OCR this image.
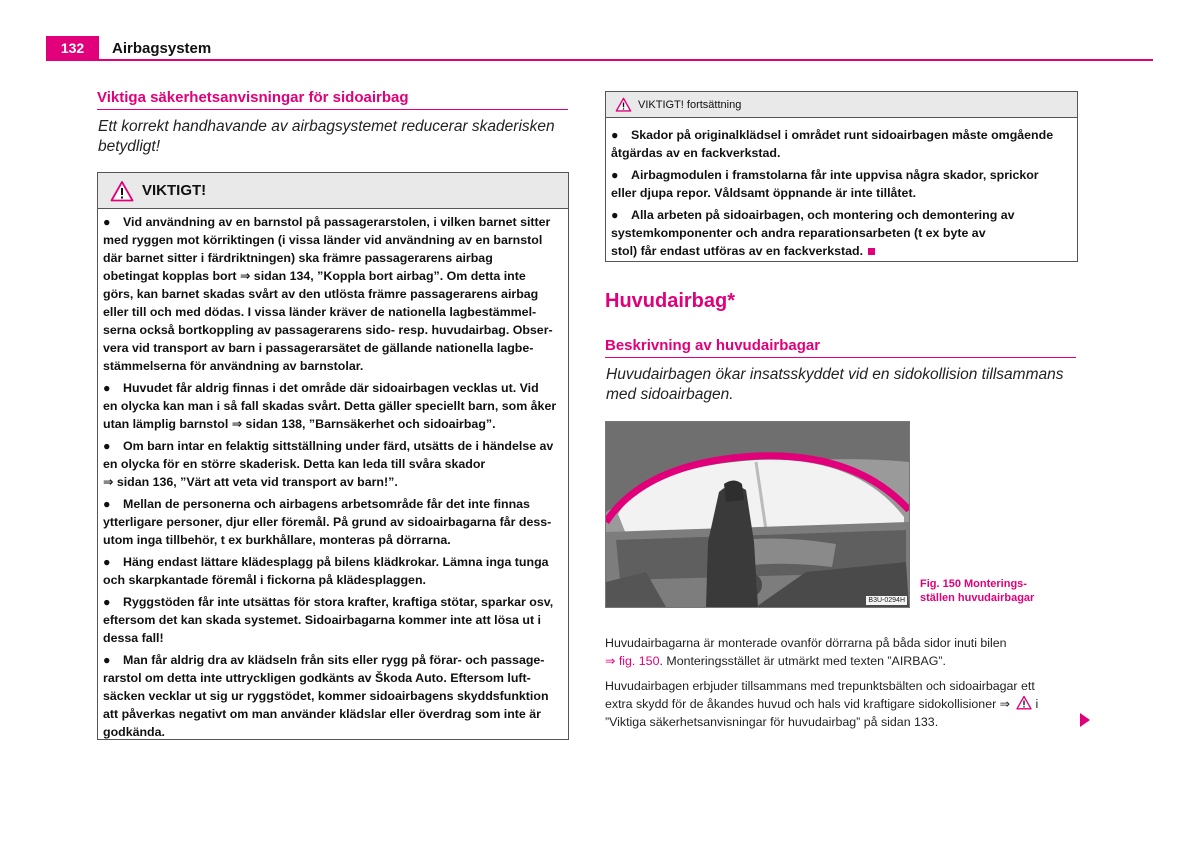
132	Airbagsystem
Viktiga säkerhetsanvisningar för sidoairbag
Ett korrekt handhavande av airbagsystemet reducerar skaderisken betydligt!
VIKTIGT!
● Vid användning av en barnstol på passagerarstolen, i vilken barnet sitter
med ryggen mot körriktingen (i vissa länder vid användning av en barnstol
där barnet sitter i färdriktningen) ska främre passagerarens airbag
obetingat kopplas bort ⇒ sidan 134, ”Koppla bort airbag”. Om detta inte
görs, kan barnet skadas svårt av den utlösta främre passagerarens airbag
eller till och med dödas. I vissa länder kräver de nationella lagbestämmel-
serna också bortkoppling av passagerarens sido- resp. huvudairbag. Obser-
vera vid transport av barn i passagerarsätet de gällande nationella lagbe-
stämmelserna för användning av barnstolar.
● Huvudet får aldrig finnas i det område där sidoairbagen vecklas ut. Vid
en olycka kan man i så fall skadas svårt. Detta gäller speciellt barn, som åker
utan lämplig barnstol ⇒ sidan 138, ”Barnsäkerhet och sidoairbag”.
● Om barn intar en felaktig sittställning under färd, utsätts de i händelse av
en olycka för en större skaderisk. Detta kan leda till svåra skador
⇒ sidan 136, ”Värt att veta vid transport av barn!”.
● Mellan de personerna och airbagens arbetsområde får det inte finnas
ytterligare personer, djur eller föremål. På grund av sidoairbagarna får dess-
utom inga tillbehör, t ex burkhållare, monteras på dörrarna.
● Häng endast lättare klädesplagg på bilens klädkrokar. Lämna inga tunga
och skarpkantade föremål i fickorna på klädesplaggen.
● Ryggstöden får inte utsättas för stora krafter, kraftiga stötar, sparkar osv,
eftersom det kan skada systemet. Sidoairbagarna kommer inte att lösa ut i
dessa fall!
● Man får aldrig dra av klädseln från sits eller rygg på förar- och passage-
rarstol om detta inte uttryckligen godkänts av Škoda Auto. Eftersom luft-
säcken vecklar ut sig ur ryggstödet, kommer sidoairbagens skyddsfunktion
att påverkas negativt om man använder klädslar eller överdrag som inte är
godkända.
VIKTIGT! fortsättning
● Skador på originalklädsel i området runt sidoairbagen måste omgående
åtgärdas av en fackverkstad.
● Airbagmodulen i framstolarna får inte uppvisa några skador, sprickor
eller djupa repor. Våldsamt öppnande är inte tillåtet.
● Alla arbeten på sidoairbagen, och montering och demontering av
systemkomponenter och andra reparationsarbeten (t ex byte av
stol) får endast utföras av en fackverkstad.
Huvudairbag*
Beskrivning av huvudairbagar
Huvudairbagen ökar insatsskyddet vid en sidokollision tillsammans med sidoairbagen.
B3U-0294H
Fig. 150 Monterings-
ställen huvudairbagar
Huvudairbagarna är monterade ovanför dörrarna på båda sidor inuti bilen
⇒ fig. 150. Monteringsstället är utmärkt med texten ”AIRBAG”.
Huvudairbagen erbjuder tillsammans med trepunktsbälten och sidoairbagar ett
extra skydd för de åkandes huvud och hals vid kraftigare sidokollisioner ⇒ i
”Viktiga säkerhetsanvisningar för huvudairbag” på sidan 133.
